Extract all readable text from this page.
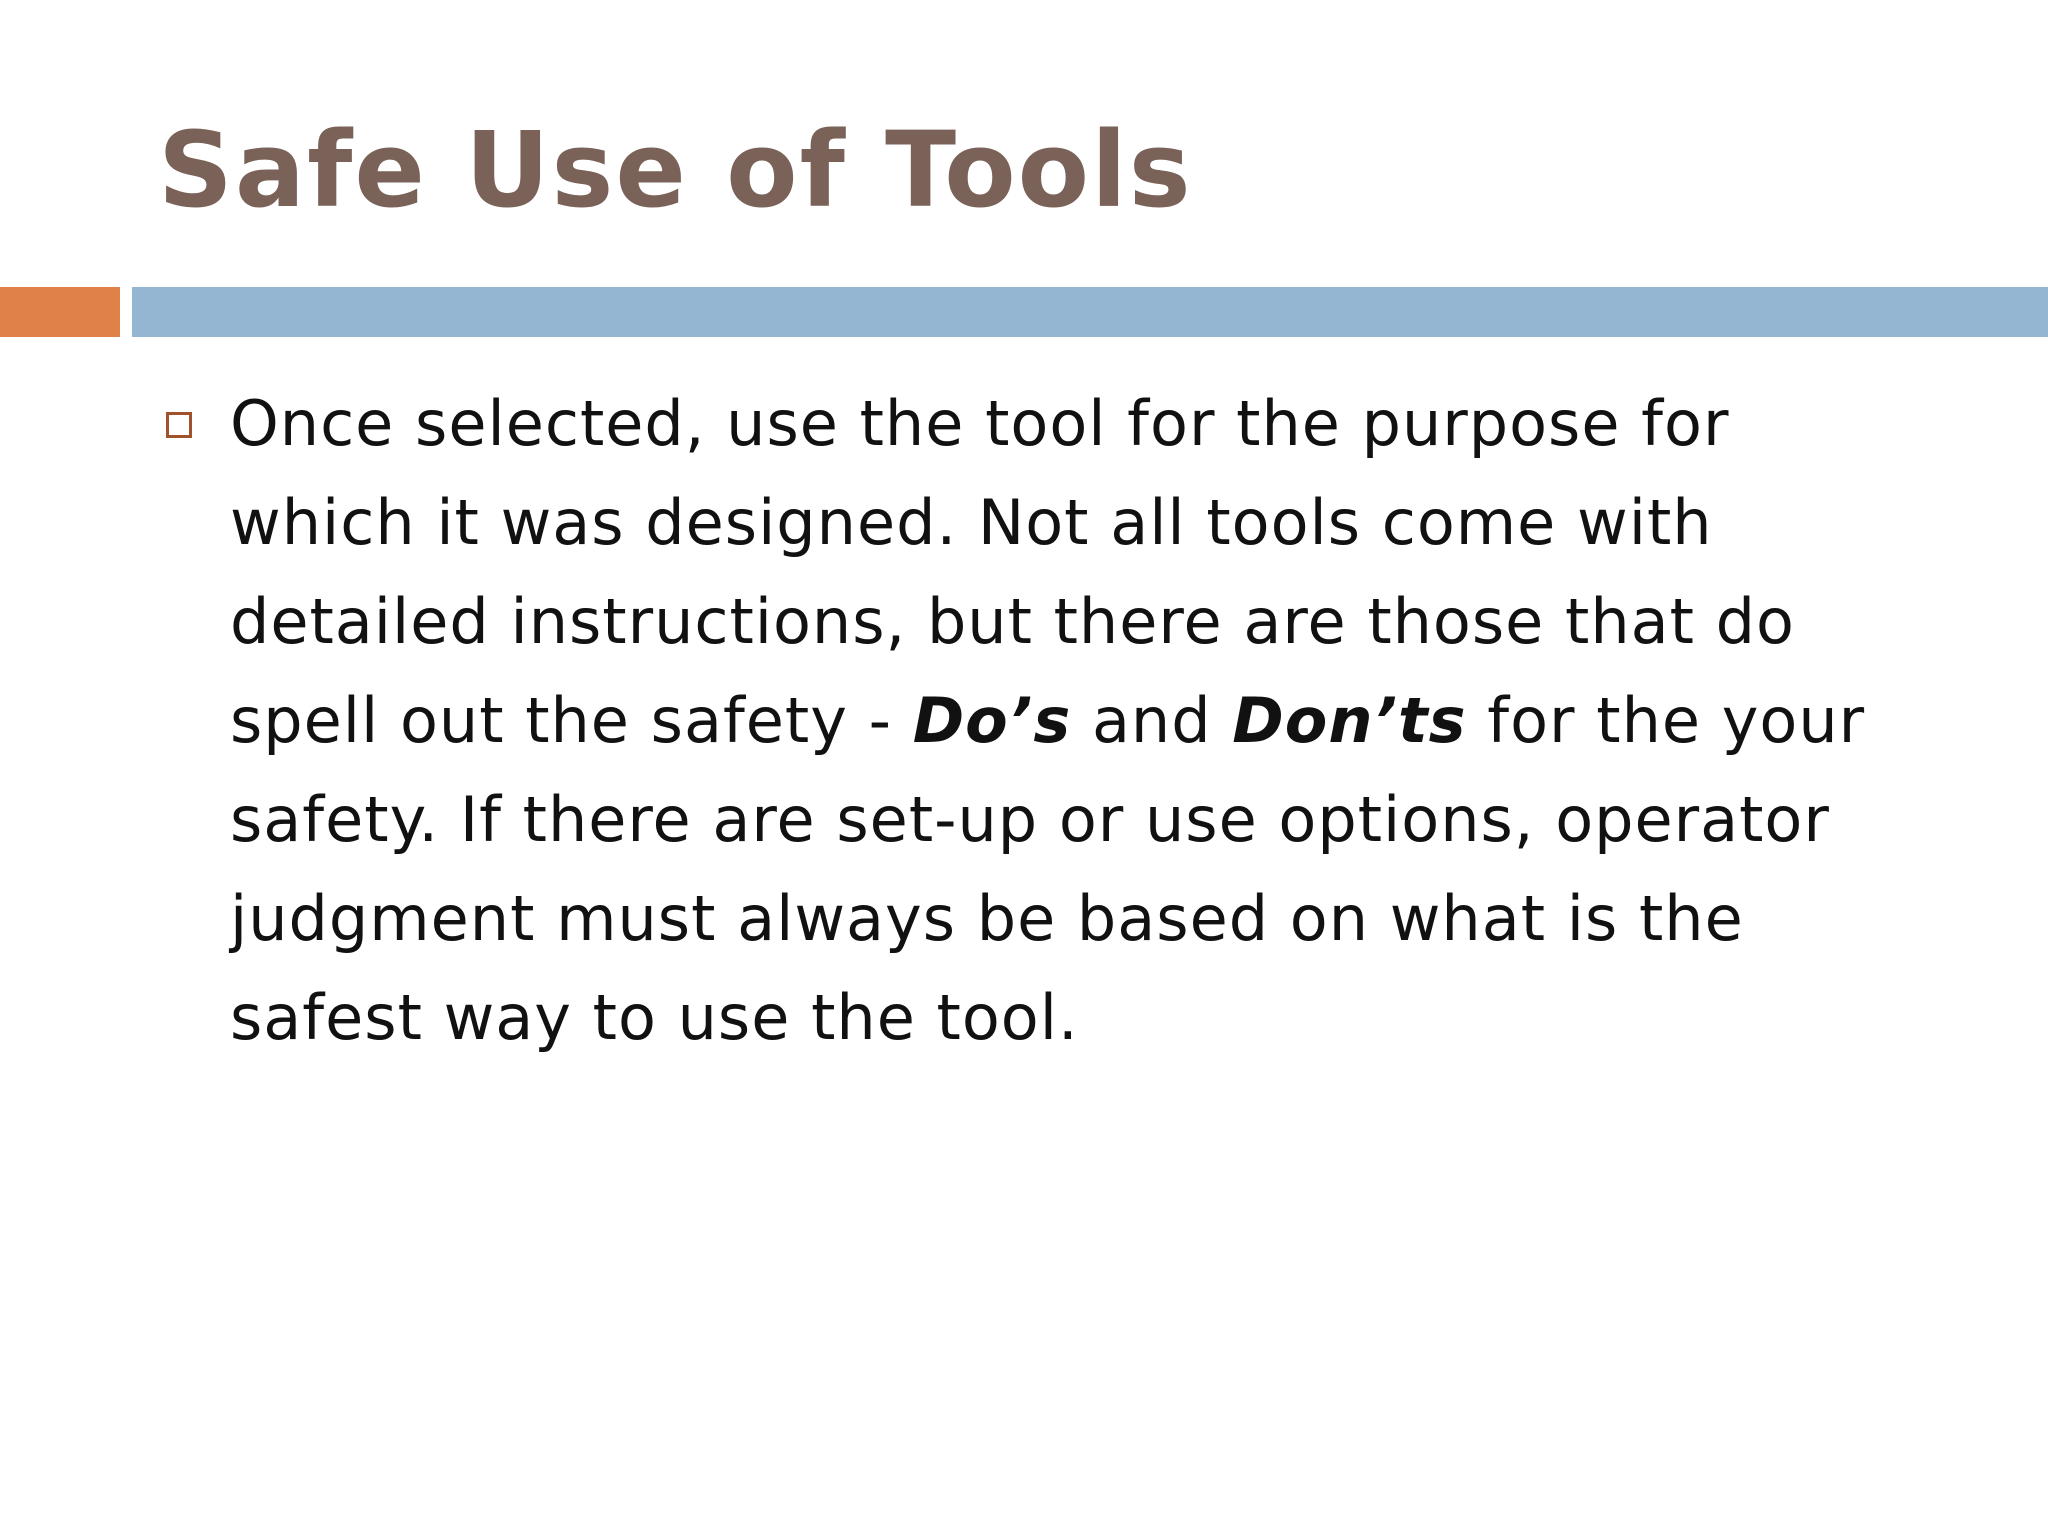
Safe Use of Tools

Once selected, use the tool for the purpose for which it was designed. Not all tools come with detailed instructions, but there are those that do spell out the safety - Do’s and Don’ts for the your safety. If there are set-up or use options, operator judgment must always be based on what is the safest way to use the tool.
